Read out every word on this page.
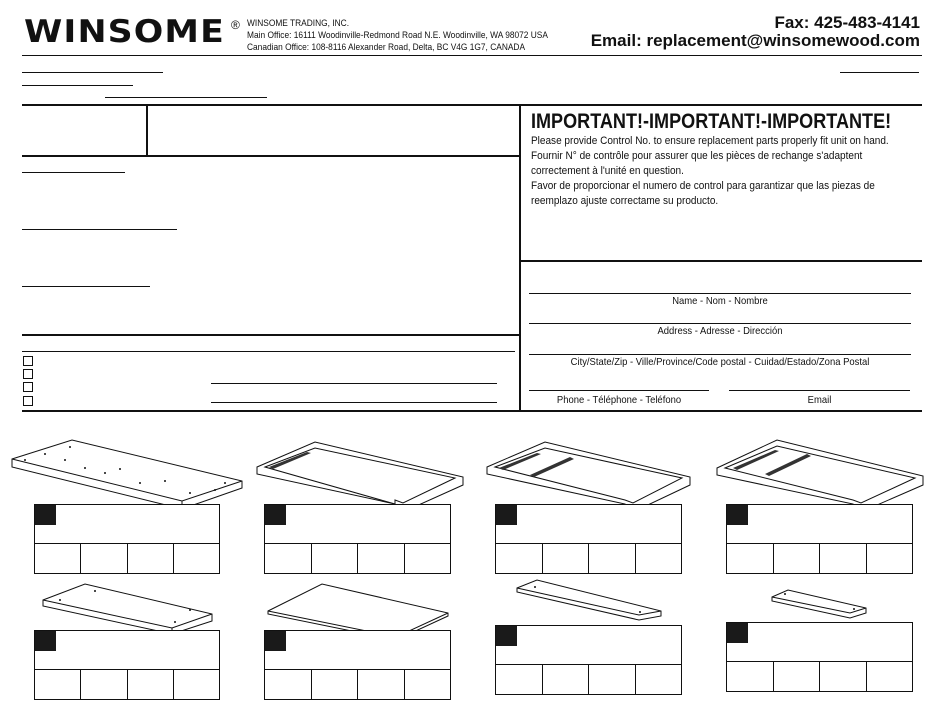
WINSOME ® WINSOME TRADING, INC.
Main Office: 16111 Woodinville-Redmond Road N.E. Woodinville, WA 98072 USA
Canadian Office: 108-8116 Alexander Road, Delta, BC V4G 1G7, CANADA
Fax: 425-483-4141
Email: replacement@winsomewood.com
IMPORTANT!-IMPORTANT!-IMPORTANTE!
Please provide Control No. to ensure replacement parts properly fit unit on hand.
Fournir N° de contrôle pour assurer que les pièces de rechange s'adaptent
correctement à l'unité en question.
Favor de proporcionar el numero de control para garantizar que las piezas de
reemplazo ajuste correctame su producto.
Name - Nom - Nombre
Address - Adresse - Dirección
City/State/Zip - Ville/Province/Code postal - Cuidad/Estado/Zona Postal
Phone - Téléphone - Teléfono	Email
